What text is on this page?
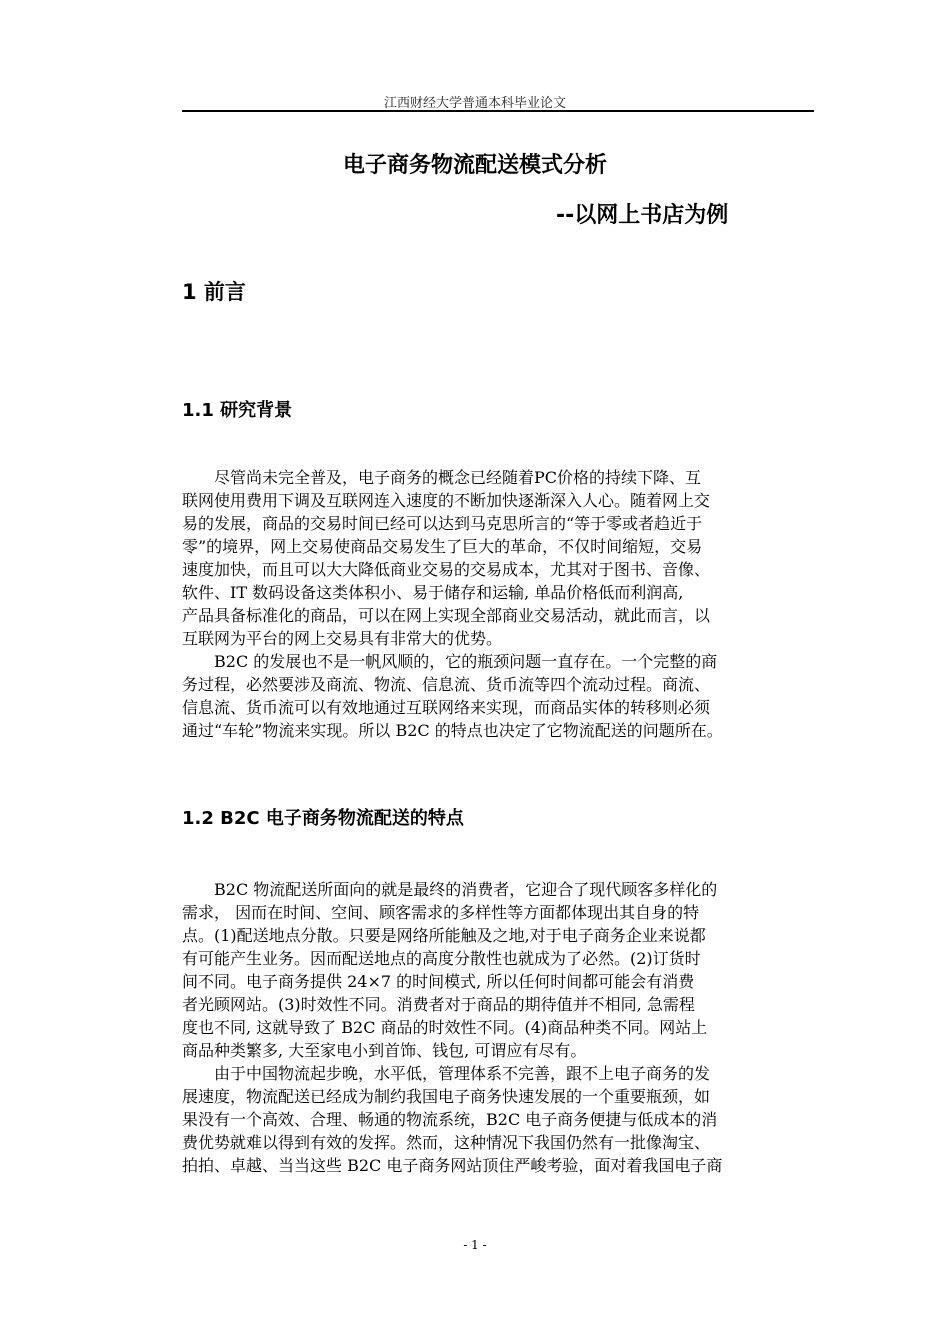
江西财经大学普通本科毕业论文
电子商务物流配送模式分析
--以网上书店为例
1 前言
1.1 研究背景
　　尽管尚未完全普及，电子商务的概念已经随着PC价格的持续下降、互
联网使用费用下调及互联网连入速度的不断加快逐渐深入人心。随着网上交
易的发展，商品的交易时间已经可以达到马克思所言的“等于零或者趋近于
零”的境界，网上交易使商品交易发生了巨大的革命，不仅时间缩短，交易
速度加快，而且可以大大降低商业交易的交易成本，尤其对于图书、音像、
软件、IT 数码设备这类体积小、易于储存和运输, 单品价格低而利润高,
产品具备标准化的商品，可以在网上实现全部商业交易活动，就此而言，以
互联网为平台的网上交易具有非常大的优势。
　　B2C 的发展也不是一帆风顺的，它的瓶颈问题一直存在。一个完整的商
务过程，必然要涉及商流、物流、信息流、货币流等四个流动过程。商流、
信息流、货币流可以有效地通过互联网络来实现，而商品实体的转移则必须
通过“车轮”物流来实现。所以 B2C 的特点也决定了它物流配送的问题所在。
1.2 B2C 电子商务物流配送的特点
　　B2C 物流配送所面向的就是最终的消费者，它迎合了现代顾客多样化的
需求， 因而在时间、空间、顾客需求的多样性等方面都体现出其自身的特
点。(1)配送地点分散。只要是网络所能触及之地,对于电子商务企业来说都
有可能产生业务。因而配送地点的高度分散性也就成为了必然。(2)订货时
间不同。电子商务提供 24×7 的时间模式, 所以任何时间都可能会有消费
者光顾网站。(3)时效性不同。消费者对于商品的期待值并不相同, 急需程
度也不同, 这就导致了 B2C 商品的时效性不同。(4)商品种类不同。网站上
商品种类繁多, 大至家电小到首饰、钱包, 可谓应有尽有。
　　由于中国物流起步晚，水平低，管理体系不完善，跟不上电子商务的发
展速度，物流配送已经成为制约我国电子商务快速发展的一个重要瓶颈，如
果没有一个高效、合理、畅通的物流系统，B2C 电子商务便捷与低成本的消
费优势就难以得到有效的发挥。然而，这种情况下我国仍然有一批像淘宝、
拍拍、卓越、当当这些 B2C 电子商务网站顶住严峻考验，面对着我国电子商
- 1 -
